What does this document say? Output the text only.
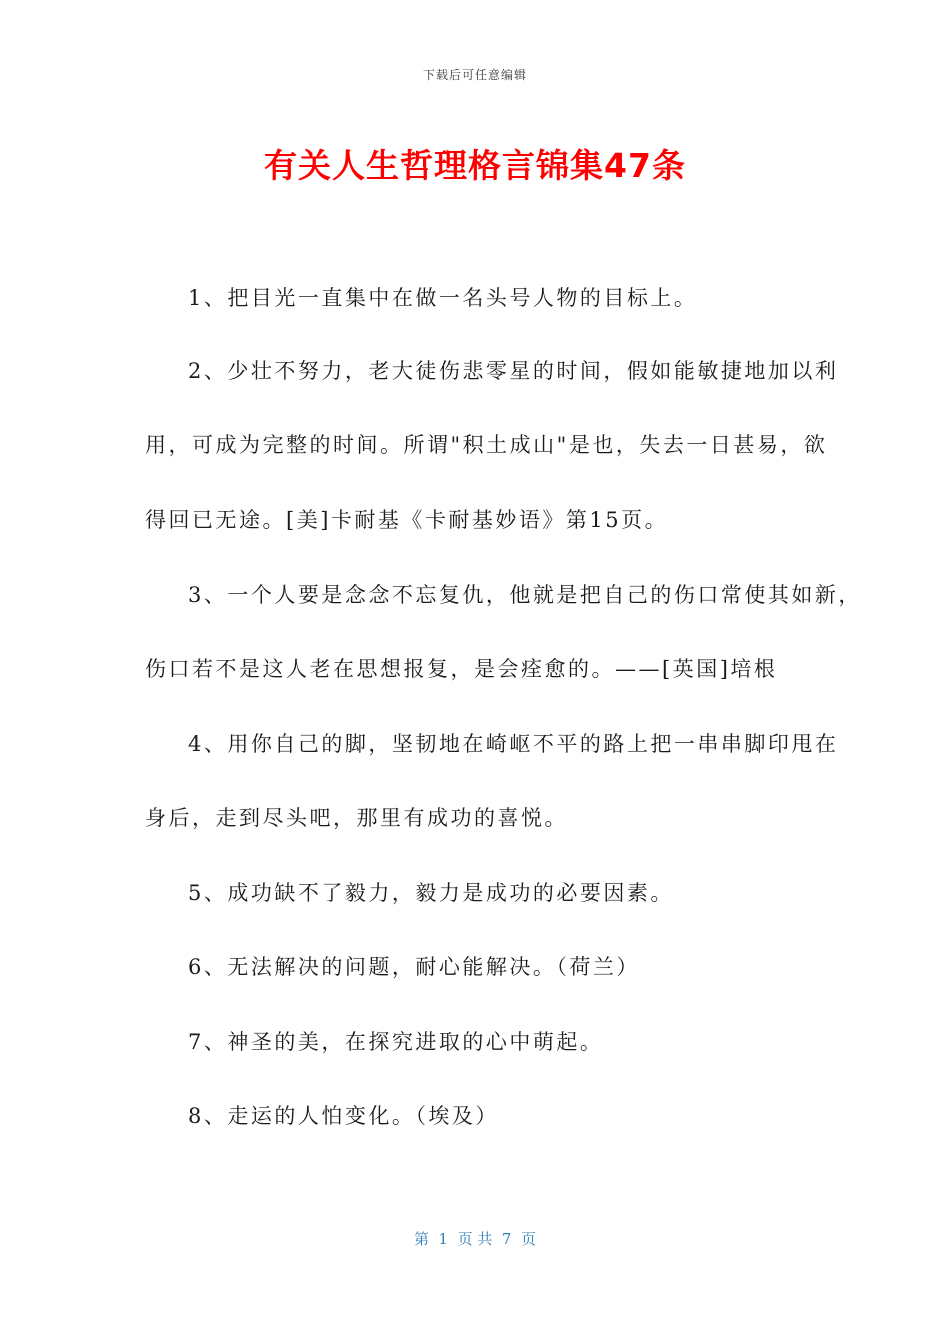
下载后可任意编辑
有关人生哲理格言锦集47条
1、把目光一直集中在做一名头号人物的目标上。
2、少壮不努力，老大徒伤悲零星的时间，假如能敏捷地加以利
用，可成为完整的时间。所谓"积土成山"是也，失去一日甚易，欲
得回已无途。[美]卡耐基《卡耐基妙语》第15页。
3、一个人要是念念不忘复仇，他就是把自己的伤口常使其如新，
伤口若不是这人老在思想报复，是会痊愈的。——[英国]培根
4、用你自己的脚，坚韧地在崎岖不平的路上把一串串脚印甩在
身后，走到尽头吧，那里有成功的喜悦。
5、成功缺不了毅力，毅力是成功的必要因素。
6、无法解决的问题，耐心能解决。（荷兰）
7、神圣的美，在探究进取的心中萌起。
8、走运的人怕变化。（埃及）
第  1  页 共  7  页
